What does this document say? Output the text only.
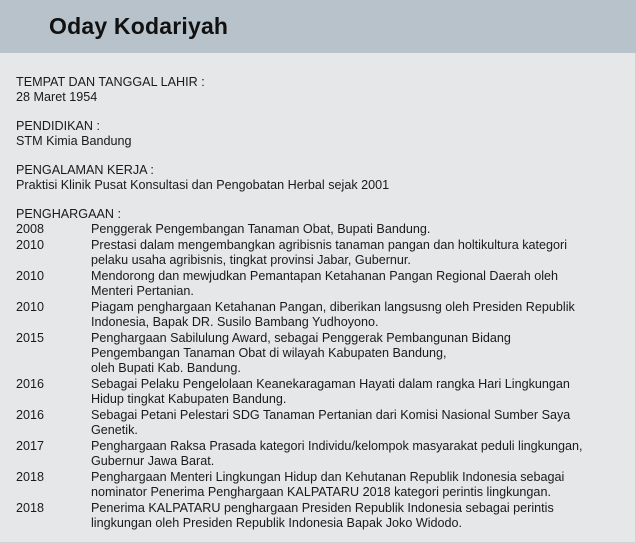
Oday Kodariyah
TEMPAT DAN TANGGAL LAHIR :
28 Maret 1954
PENDIDIKAN :
STM Kimia Bandung
PENGALAMAN KERJA :
Praktisi Klinik Pusat Konsultasi dan Pengobatan Herbal sejak 2001
PENGHARGAAN :
2008	Penggerak Pengembangan Tanaman Obat, Bupati Bandung.
2010	Prestasi dalam mengembangkan agribisnis tanaman pangan dan holtikultura kategori
pelaku usaha agribisnis, tingkat provinsi Jabar, Gubernur.
2010	Mendorong dan mewjudkan Pemantapan Ketahanan Pangan Regional Daerah oleh
Menteri Pertanian.
2010	Piagam penghargaan Ketahanan Pangan, diberikan langsusng oleh Presiden Republik
Indonesia, Bapak DR. Susilo Bambang Yudhoyono.
2015	Penghargaan Sabilulung Award, sebagai Penggerak Pembangunan Bidang
Pengembangan Tanaman Obat di wilayah Kabupaten Bandung,
oleh Bupati Kab. Bandung.
2016	Sebagai Pelaku Pengelolaan Keanekaragaman Hayati dalam rangka Hari Lingkungan
Hidup tingkat Kabupaten Bandung.
2016	Sebagai Petani Pelestari SDG Tanaman Pertanian dari Komisi Nasional Sumber Saya
Genetik.
2017	Penghargaan Raksa Prasada kategori Individu/kelompok masyarakat peduli lingkungan,
Gubernur Jawa Barat.
2018	Penghargaan Menteri Lingkungan Hidup dan Kehutanan Republik Indonesia sebagai
nominator Penerima Penghargaan KALPATARU 2018 kategori perintis lingkungan.
2018	Penerima KALPATARU penghargaan Presiden Republik Indonesia sebagai perintis
lingkungan oleh Presiden Republik Indonesia Bapak Joko Widodo.
